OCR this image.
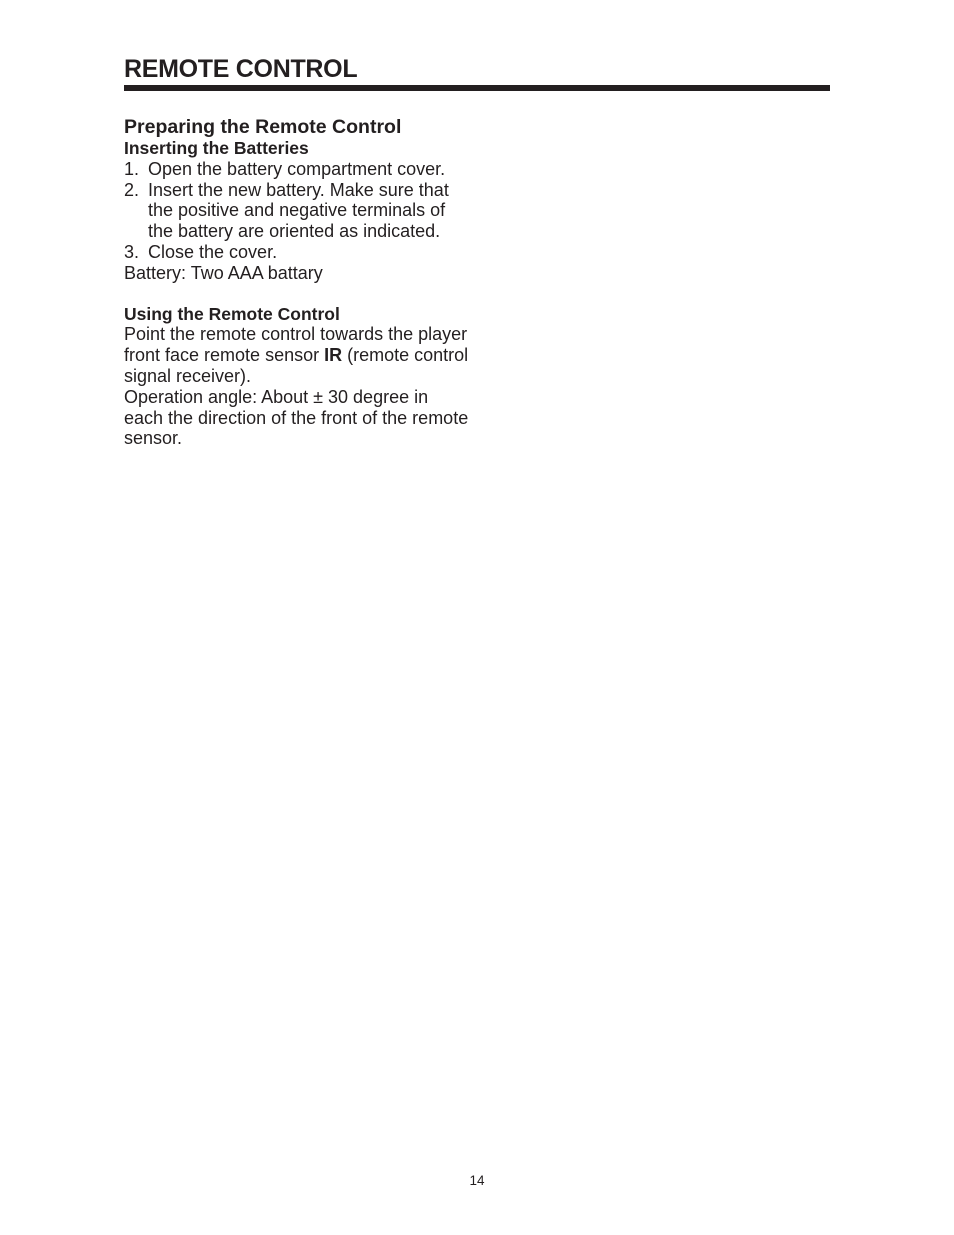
REMOTE CONTROL
Preparing the Remote Control
Inserting the Batteries
1. Open the battery compartment cover.
2. Insert the new battery. Make sure that the positive and negative terminals of the battery are oriented as indicated.
3. Close the cover.

Battery: Two AAA battary

Using the Remote Control

Point the remote control towards the player front face remote sensor IR (remote control signal receiver).

Operation angle: About ± 30 degree in each the direction of the front of the remote sensor.

14
